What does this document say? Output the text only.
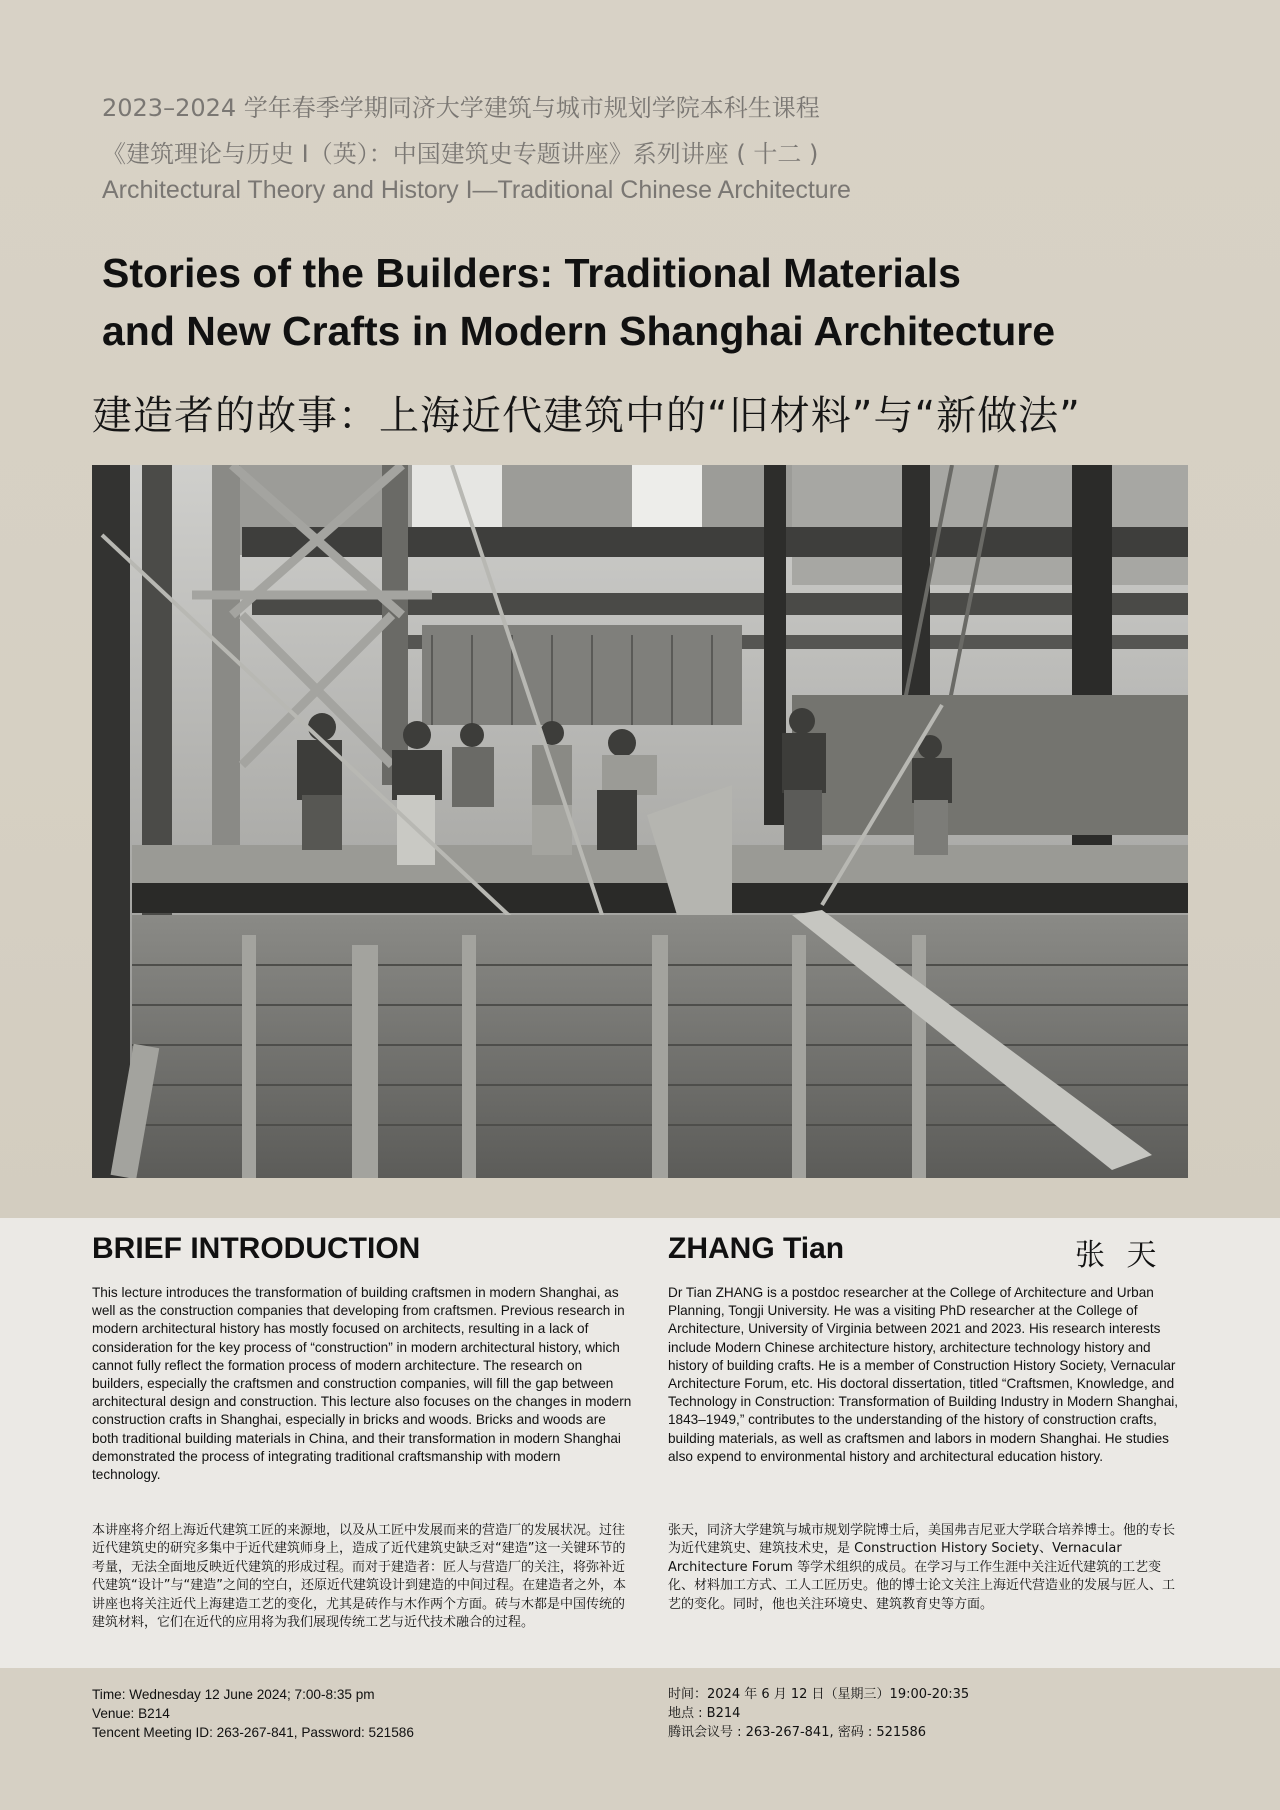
2023–2024 学年春季学期同济大学建筑与城市规划学院本科生课程
《建筑理论与历史 I（英）：中国建筑史专题讲座》系列讲座 ( 十二 )
Architectural Theory and History I—Traditional Chinese Architecture
Stories of the Builders: Traditional Materials
and New Crafts in Modern Shanghai Architecture
建造者的故事：上海近代建筑中的“旧材料”与“新做法”
BRIEF INTRODUCTION	ZHANG Tian	张 天
This lecture introduces the transformation of building craftsmen in modern Shanghai, as well as the construction companies that developing from craftsmen. Previous research in modern architectural history has mostly focused on architects, resulting in a lack of consideration for the key process of “construction” in modern architectural history, which cannot fully reflect the formation process of modern architecture. The research on builders, especially the craftsmen and construction companies, will fill the gap between architectural design and construction. This lecture also focuses on the changes in modern construction crafts in Shanghai, especially in bricks and woods. Bricks and woods are both traditional building materials in China, and their transformation in modern Shanghai demonstrated the process of integrating traditional craftsmanship with modern technology.
本讲座将介绍上海近代建筑工匠的来源地，以及从工匠中发展而来的营造厂的发展状况。过往近代建筑史的研究多集中于近代建筑师身上，造成了近代建筑史缺乏对“建造”这一关键环节的考量，无法全面地反映近代建筑的形成过程。而对于建造者：匠人与营造厂的关注，将弥补近代建筑“设计”与“建造”之间的空白，还原近代建筑设计到建造的中间过程。在建造者之外，本讲座也将关注近代上海建造工艺的变化，尤其是砖作与木作两个方面。砖与木都是中国传统的建筑材料，它们在近代的应用将为我们展现传统工艺与近代技术融合的过程。
Dr Tian ZHANG is a postdoc researcher at the College of Architecture and Urban Planning, Tongji University. He was a visiting PhD researcher at the College of Architecture, University of Virginia between 2021 and 2023. His research interests include Modern Chinese architecture history, architecture technology history and history of building crafts. He is a member of Construction History Society, Vernacular Architecture Forum, etc. His doctoral dissertation, titled “Craftsmen, Knowledge, and Technology in Construction: Transformation of Building Industry in Modern Shanghai, 1843–1949,” contributes to the understanding of the history of construction crafts, building materials, as well as craftsmen and labors in modern Shanghai. He studies also expend to environmental history and architectural education history.
张天，同济大学建筑与城市规划学院博士后，美国弗吉尼亚大学联合培养博士。他的专长为近代建筑史、建筑技术史，是 Construction History Society、Vernacular Architecture Forum 等学术组织的成员。在学习与工作生涯中关注近代建筑的工艺变化、材料加工方式、工人工匠历史。他的博士论文关注上海近代营造业的发展与匠人、工艺的变化。同时，他也关注环境史、建筑教育史等方面。
Time: Wednesday 12 June 2024; 7:00-8:35 pm
Venue: B214
Tencent Meeting ID: 263-267-841, Password: 521586
时间：2024 年 6 月 12 日（星期三）19:00-20:35
地点 : B214
腾讯会议号 : 263-267-841, 密码 : 521586
